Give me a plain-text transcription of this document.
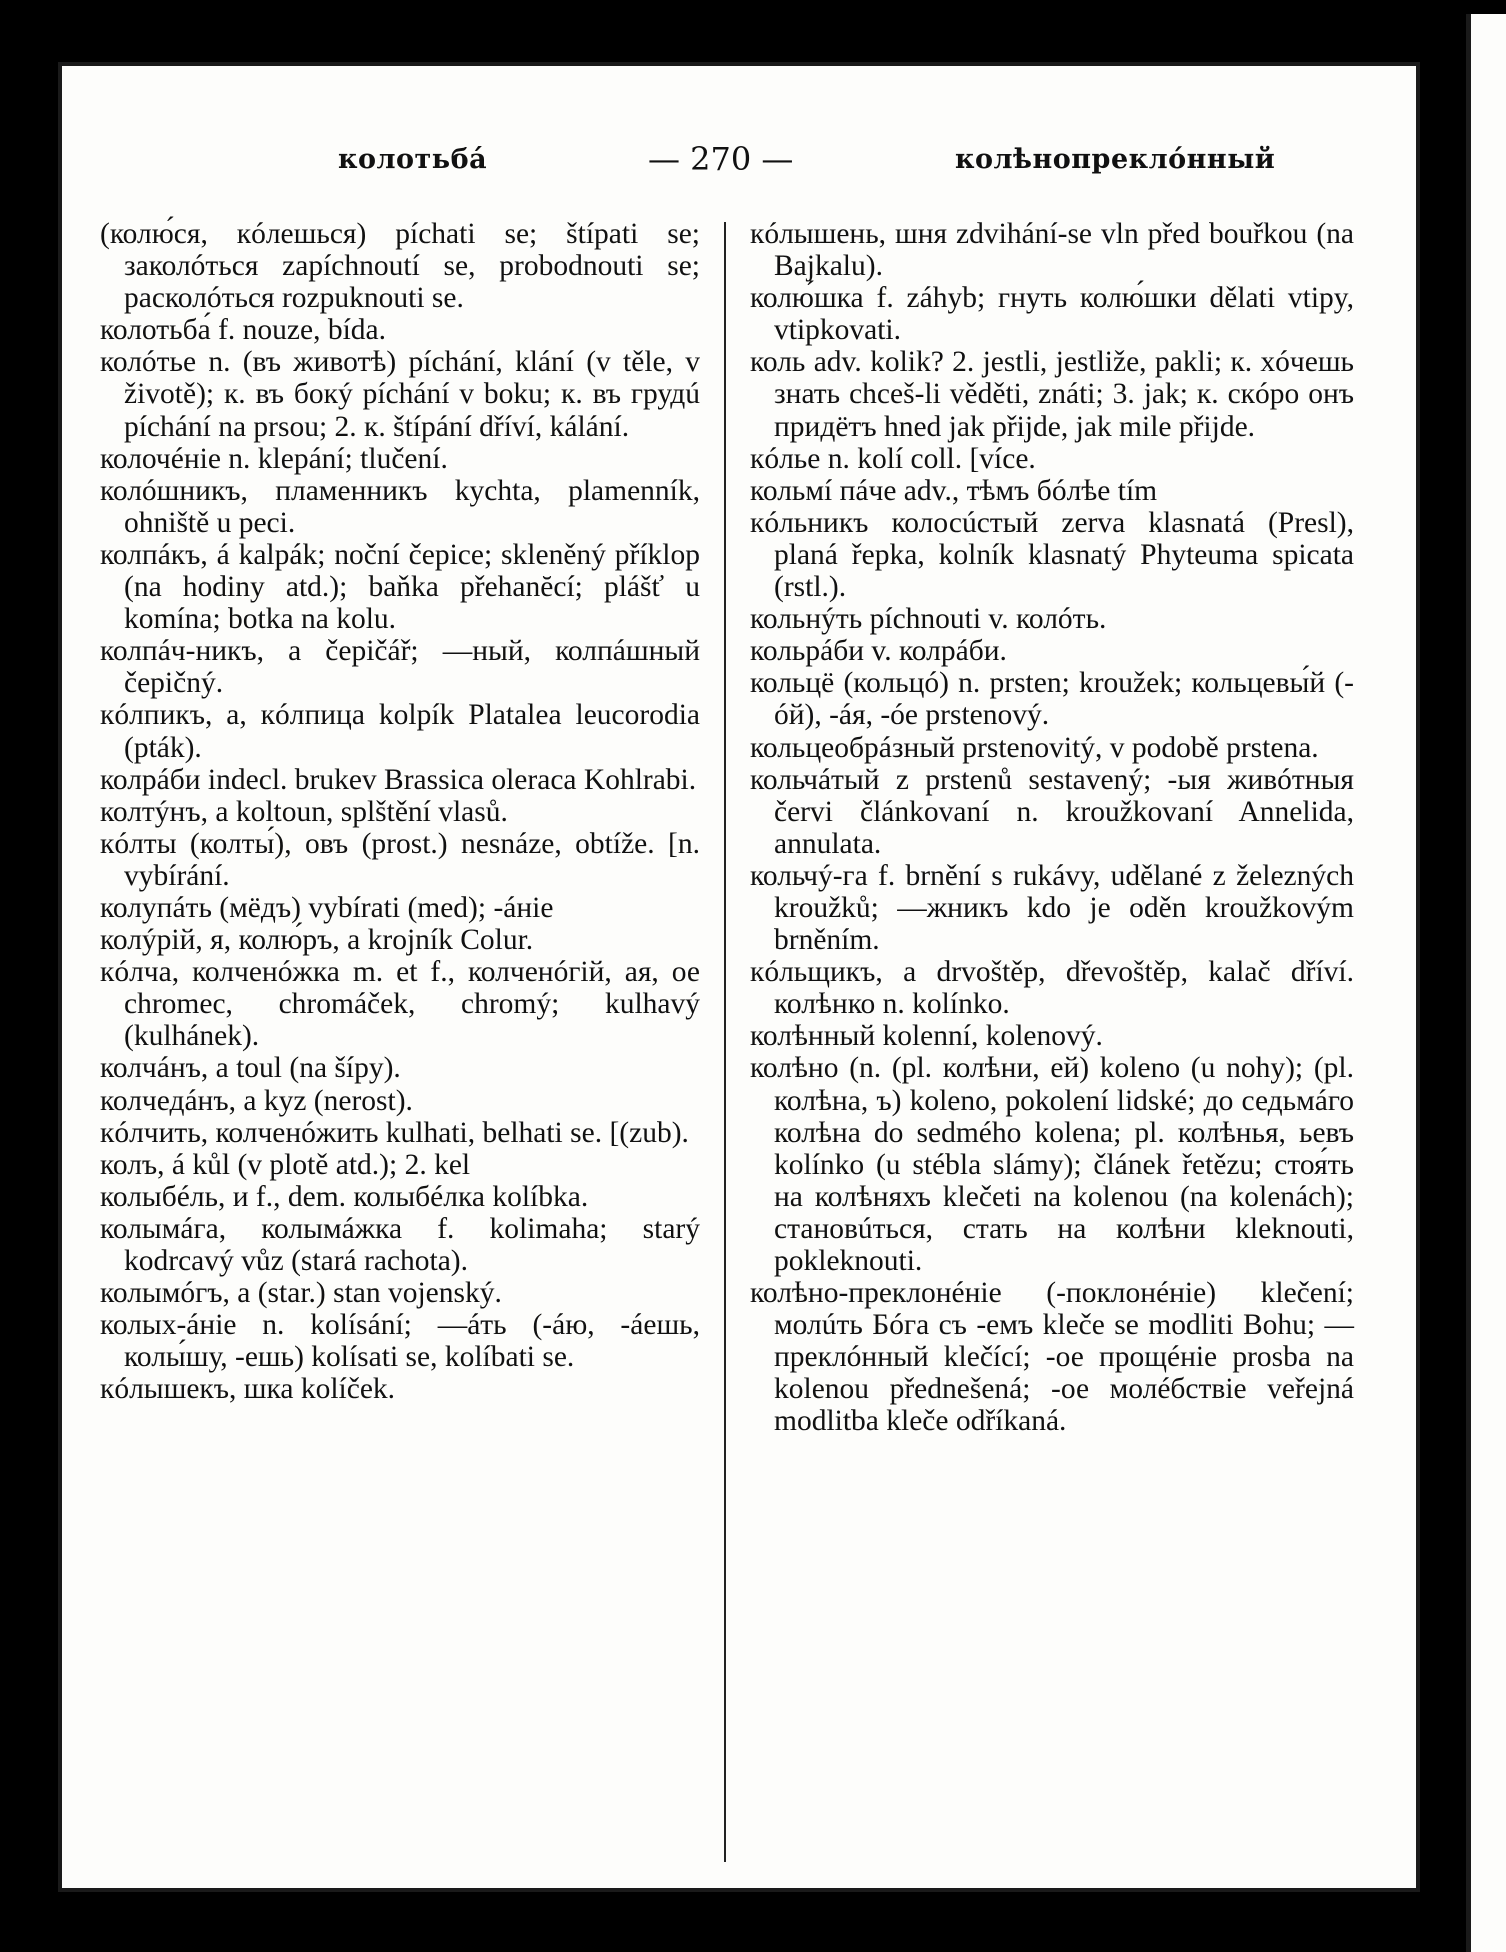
колотьба́	— 270 —	колѣнопреклóнный

(колю́ся, кóлешься) píchati se; štípati se; заколóться zapíchnoutí se, probodnouti se; расколóться rozpuknouti se.

колотьба́ f. nouze, bída.

колóтье n. (въ животѣ) píchání, klání (v těle, v životě); к. въ бокý píchání v boku; к. въ грудú píchání na prsou; 2. к. štípání dříví, kálání.

колочéніе n. klepání; tlučení.

колóшникъ, пламенникъ kychta, plamenník, ohniště u peci.

колпáкъ, á kalpák; noční čepice; skleněný příklop (na hodiny atd.); baňka přehanĕcí; plášť u komína; botka na kolu.

колпáч-никъ, a čepičář; —ный, колпáшный čepičný.

кóлпикъ, a, кóлпица kolpík Platalea leucorodia (pták).

колрáби indecl. brukev Brassica oleraca Kohlrabi.

колтýнъ, a koltoun, splštění vlasů.

кóлты (колты́), овъ (prost.) nesnáze, obtíže. [n. vybírání.

колупáть (мёдъ) vybírati (med); -áніе

колýрій, я, колю́ръ, a krojník Colur.

кóлча, колченóжка m. et f., колченóгій, ая, ое chromec, chromáček, chromý; kulhavý (kulhánek).

колчáнъ, a toul (na šípy).

колчедáнъ, a kyz (nerost).

кóлчить, колченóжить kulhati, belhati se. [(zub).

колъ, á kůl (v plotě atd.); 2. kel

колыбéль, и f., dem. колыбéлка kolíbka.

колымáга, колымáжка f. kolimaha; starý kodrcavý vůz (stará rachota).

колымóгъ, a (star.) stan vojenský.

колых-áніе n. kolísání; —áть (-áю, -áешь, колы́шу, -ешь) kolísati se, kolíbati se.

кóлышекъ, шка kolíček.

кóлышень, шня zdvihání-se vln před bouřkou (na Bajkalu).

колю́шка f. záhyb; гнуть колю́шки dělati vtipy, vtipkovati.

коль adv. kolik? 2. jestli, jestliže, pakli; к. хóчешь знать chceš-li věděti, znáti; 3. jak; к. скóро онъ придётъ hned jak přijde, jak mile přijde.

кóлье n. kolí coll. [více.

кольмí пáче adv., тѣмъ бóлѣе tím

кóльникъ колосúстый zerva klasnatá (Presl), planá řepka, kolník klasnatý Phyteuma spicata (rstl.).

кольнýть píchnouti v. колóть.

кольрáби v. колрáби.

кольцё (кольцó) n. prsten; kroužek; кольцевы́й (-óй), -áя, -óе prstenový.

кольцеобрáзный prstenovitý, v podobě prstena.

кольчáтый z prstenů sestavený; -ыя живóтныя červi článkovaní n. kroužkovaní Annelida, annulata.

кольчý-га f. brnění s rukávy, udělané z železných kroužků; —жникъ kdo je oděn kroužkovým brněním.

кóльщикъ, a drvoštěp, dřevoštěp, kalač dříví. колѣнко n. kolínko.

колѣнный kolenní, kolenový.

колѣно (n. (pl. колѣни, ей) koleno (u nohy); (pl. колѣна, ъ) koleno, pokolení lidské; до седьмáго колѣна do sedmého kolena; pl. колѣнья, ьевъ kolínko (u stébla slámy); článek řetězu; стоя́ть на колѣняхъ klečeti na kolenou (na kolenách); становúться, стать на колѣни kleknouti, pokleknouti.

колѣно-преклонéніе (-поклонéніе) klečení; молúть Бóга съ -емъ kleče se modliti Bohu; —преклóнный klečící; -ое прощéніе prosba na kolenou přednešená; -ое молéбствіе veřejná modlitba kleče odříkaná.
